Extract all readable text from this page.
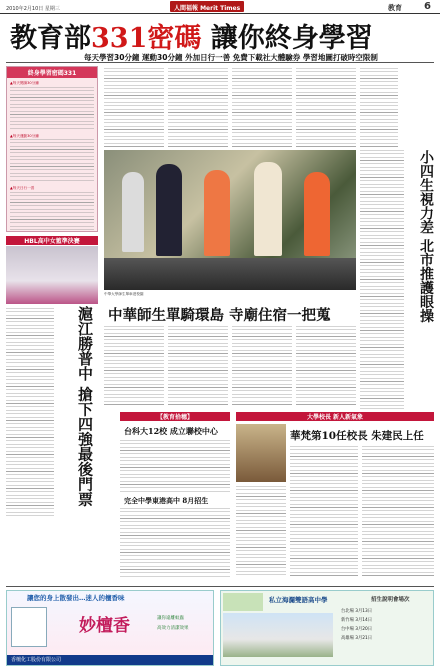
2010年2月10日 星期三	人間福報 Merit Times	教育 6
教育部331密碼 讓你終身學習
每天學習30分鐘 運動30分鐘 外加日行一善 免費下載社大體驗券 學習地圖打破時空限制
終身學習密碼331
▲每天閱讀30分鐘
▲每天運動30分鐘
▲每天日行一善	小四生視力差 北市推護眼操
HBL高中女籃準決賽
滬江勝普中 搶下四強最後門票
中華大學師生單車遊校園
中華師生單騎環島 寺廟住宿一把蒐
【教育拾穗】	大學校長 新人新氣象
台科大12校 成立聯校中心
完全中學東港高中 8月招生
華梵第10任校長 朱建民上任
讓您的身上散發出…迷人的檀香味
妙檀香	讓你遠離蚊蟲
高效力清潔效果
香檀化工股份有限公司
私立海瀾雙語高中學	招生說明會場次
台北場 3月13日
新竹場 3月14日
台中場 3月20日
高雄場 3月21日
